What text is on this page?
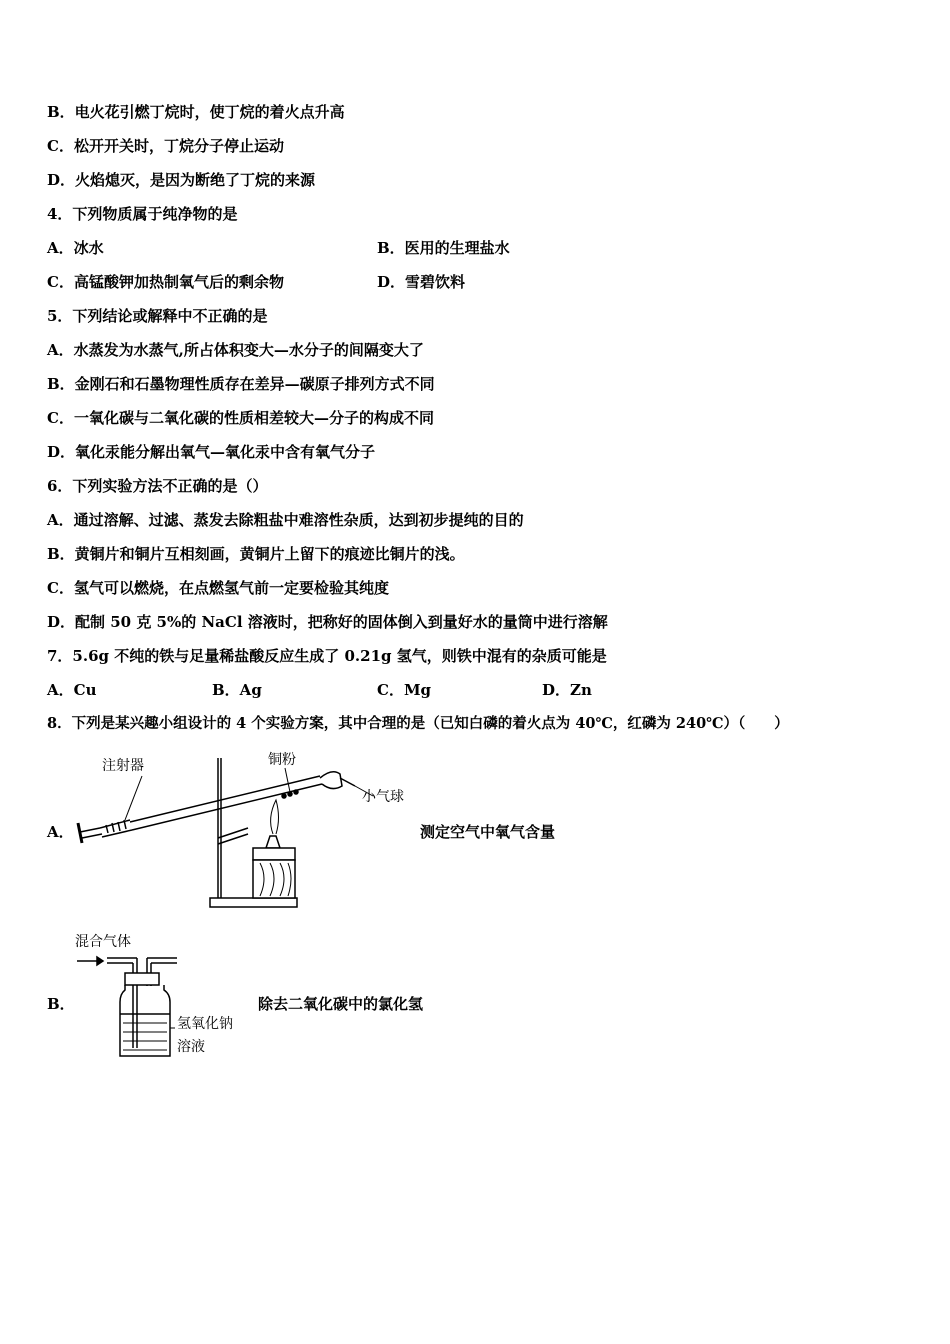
B．电火花引燃丁烷时，使丁烷的着火点升高
C．松开开关时，丁烷分子停止运动
D．火焰熄灭，是因为断绝了丁烷的来源
4．下列物质属于纯净物的是
A．冰水	B．医用的生理盐水
C．高锰酸钾加热制氧气后的剩余物	D．雪碧饮料
5．下列结论或解释中不正确的是
A．水蒸发为水蒸气,所占体积变大—水分子的间隔变大了
B．金刚石和石墨物理性质存在差异—碳原子排列方式不同
C．一氧化碳与二氧化碳的性质相差较大—分子的构成不同
D．氧化汞能分解出氧气—氧化汞中含有氧气分子
6．下列实验方法不正确的是（）
A．通过溶解、过滤、蒸发去除粗盐中难溶性杂质，达到初步提纯的目的
B．黄铜片和铜片互相刻画，黄铜片上留下的痕迹比铜片的浅。
C．氢气可以燃烧，在点燃氢气前一定要检验其纯度
D．配制 50 克 5%的 NaCl 溶液时，把称好的固体倒入到量好水的量筒中进行溶解
7．5.6g 不纯的铁与足量稀盐酸反应生成了 0.21g 氢气，则铁中混有的杂质可能是
A．Cu	B．Ag	C．Mg	D．Zn
8．下列是某兴趣小组设计的 4 个实验方案，其中合理的是（已知白磷的着火点为 40℃，红磷为 240℃）（　　）
A．
注射器	铜粉
小气球
测定空气中氧气含量
B．
混合气体
氢氧化钠
溶液
除去二氧化碳中的氯化氢
